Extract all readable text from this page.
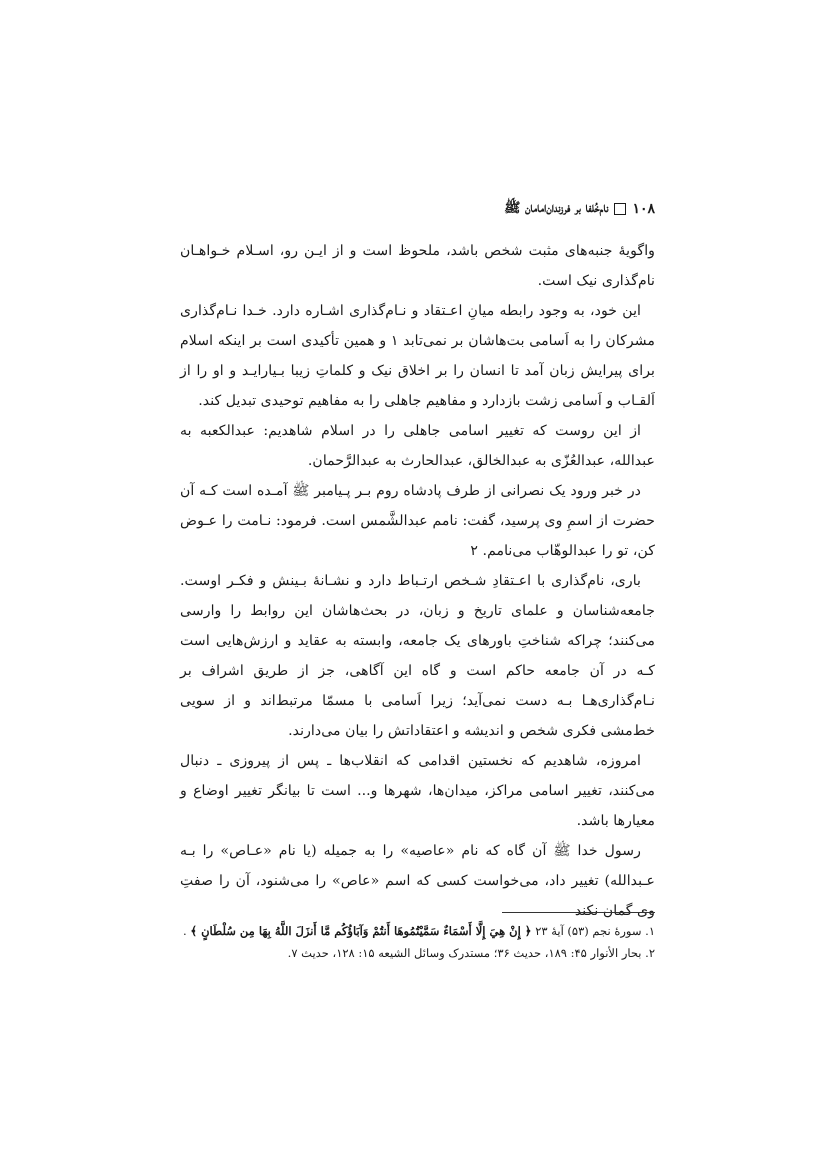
۱۰۸
نام‌خُلفا بر فرزندان‌امامان ﷺ

واگویهٔ جنبه‌های مثبت شخص باشد، ملحوظ است و از ایـن رو، اسـلام خـواهـان نام‌گذاری نیک است.

این خود، به وجود رابطه میانِ اعـتقاد و نـام‌گذاری اشـاره دارد. خـدا نـام‌گذاری مشرکان را به اَسامی بت‌هاشان بر نمی‌تابد ۱ و همین تأکیدی است بر اینکه اسلام برای پیرایش زبان آمد تا انسان را بر اخلاق نیک و کلماتِ زیبا بـیارایـد و او را از اَلقـاب و اَسامی زشت بازدارد و مفاهیم جاهلی را به مفاهیم توحیدی تبدیل کند.

از این روست که تغییر اسامی جاهلی را در اسلام شاهدیم: عبدالکعبه به عبدالله، عبدالعُزّی به عبدالخالق، عبدالحارث به عبدالرَّحمان.

در خبر ورود یک نصرانی از طرف پادشاه روم بـر پـیامبر ﷺ آمـده است کـه آن حضرت از اسمِ وی پرسید، گفت: نامم عبدالشَّمس است. فرمود: نـامت را عـوض کن، تو را عبدالوهّاب می‌نامم. ۲

باری، نام‌گذاری با اعـتقادِ شـخص ارتـباط دارد و نشـانهٔ بـینش و فکـر اوست. جامعه‌شناسان و علمای تاریخ و زبان، در بحث‌هاشان این روابط را وارسی می‌کنند؛ چراکه شناختِ باورهای یک جامعه، وابسته به عقاید و ارزش‌هایی است کـه در آن جامعه حاکم است و گاه این آگاهی، جز از طریق اشراف بر نـام‌گذاری‌هـا بـه دست نمی‌آید؛ زیرا اَسامی با مسمّا مرتبط‌اند و از سویی خط‌مشی فکری شخص و اندیشه و اعتقاداتش را بیان می‌دارند.

امروزه، شاهدیم که نخستین اقدامی که انقلاب‌ها ـ پس از پیروزی ـ دنبال می‌کنند، تغییر اسامی مراکز، میدان‌ها، شهرها و... است تا بیانگر تغییر اوضاع و معیارها باشد.

رسول خدا ﷺ آن گاه که نام «عاصیه» را به جمیله (یا نام «عـاص» را بـه عـبدالله) تغییر داد، می‌خواست کسی که اسم «عاص» را می‌شنود، آن را صفتِ وی گمان نکند

۱. سورهٔ نجم (۵۳) آیهٔ ۲۳ ﴿ إِنْ هِيَ إِلَّا أَسْمَاءٌ سَمَّيْتُمُوهَا أَنتُمْ وَآبَاؤُكُم مَّا أَنزَلَ اللَّهُ بِهَا مِن سُلْطَانٍ ﴾ .

۲. بحار الأنوار ۴۵: ۱۸۹، حدیث ۳۶؛ مستدرک وسائل الشیعه ۱۵: ۱۲۸، حدیث ۷.
